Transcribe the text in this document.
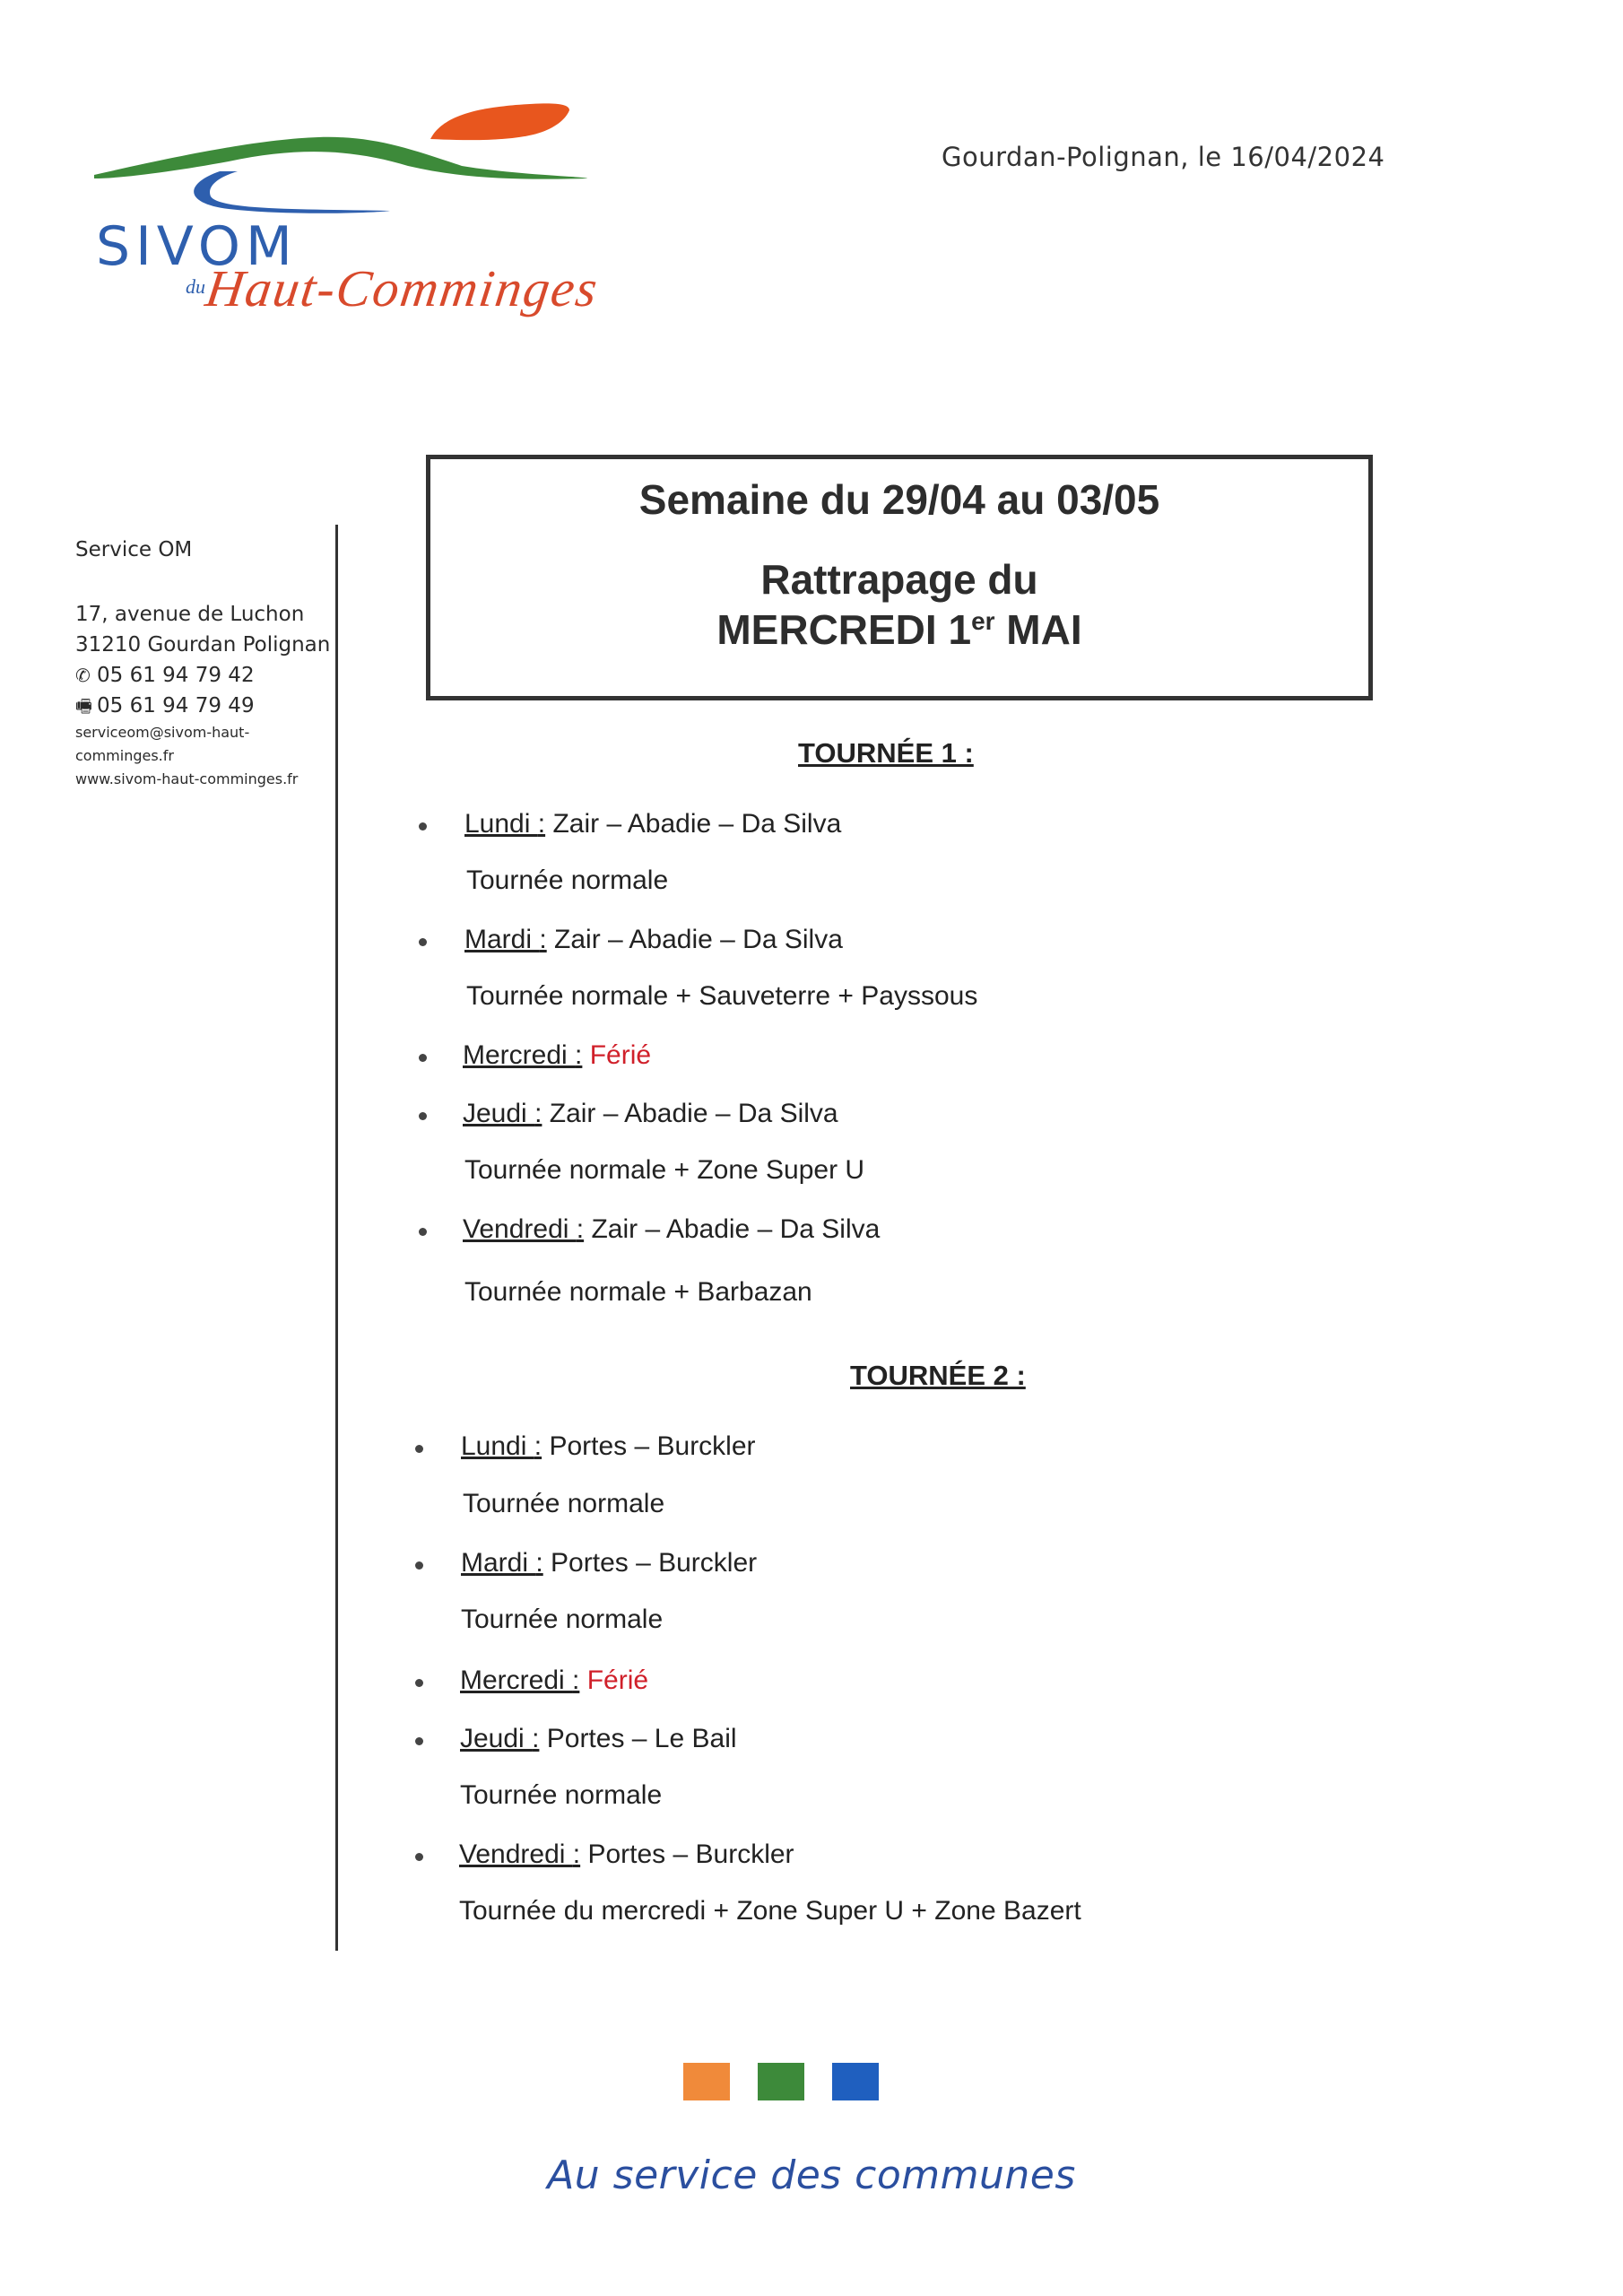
SIVOM
du
Haut-Comminges
Gourdan-Polignan, le 16/04/2024
Service OM
17, avenue de Luchon
31210 Gourdan Polignan
✆ 05 61 94 79 42
🖷 05 61 94 79 49
serviceom@sivom-haut-
comminges.fr
www.sivom-haut-comminges.fr
Semaine du 29/04 au 03/05
Rattrapage du
MERCREDI 1er MAI
TOURNÉE 1 :
Lundi : Zair – Abadie – Da Silva
Tournée normale
Mardi : Zair – Abadie – Da Silva
Tournée normale + Sauveterre + Payssous
Mercredi : Férié
Jeudi : Zair – Abadie – Da Silva
Tournée normale + Zone Super U
Vendredi : Zair – Abadie – Da Silva
Tournée normale + Barbazan
TOURNÉE 2 :
Lundi : Portes – Burckler
Tournée normale
Mardi : Portes – Burckler
Tournée normale
Mercredi : Férié
Jeudi : Portes – Le Bail
Tournée normale
Vendredi : Portes – Burckler
Tournée du mercredi + Zone Super U + Zone Bazert
Au service des communes
